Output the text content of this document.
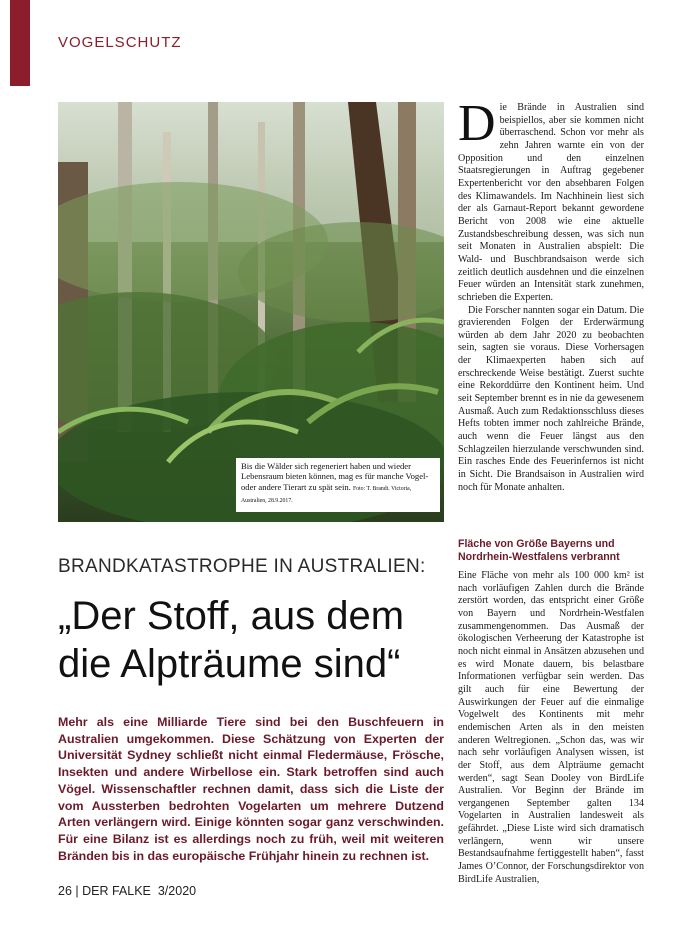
VOGELSCHUTZ
Bis die Wälder sich regeneriert haben und wieder Lebensraum bieten können, mag es für manche Vogel- oder andere Tierart zu spät sein. Foto: T. Brandt. Victoria, Australien, 28.9.2017.
BRANDKATASTROPHE IN AUSTRALIEN:
„Der Stoff, aus dem die Alpträume sind“
Mehr als eine Milliarde Tiere sind bei den Buschfeuern in Australien umgekommen. Diese Schätzung von Experten der Universität Sydney schließt nicht einmal Fledermäuse, Frösche, Insekten und andere Wirbellose ein. Stark betroffen sind auch Vögel. Wissenschaftler rechnen damit, dass sich die Liste der vom Aussterben bedrohten Vogelarten um mehrere Dutzend Arten verlängern wird. Einige könnten sogar ganz verschwinden. Für eine Bilanz ist es allerdings noch zu früh, weil mit weiteren Bränden bis in das europäische Frühjahr hinein zu rechnen ist.

Die Brände in Australien sind beispiellos, aber sie kommen nicht überraschend. Schon vor mehr als zehn Jahren warnte ein von der Opposition und den einzelnen Staatsregierungen in Auftrag gegebener Expertenbericht vor den absehbaren Folgen des Klimawandels. Im Nachhinein liest sich der als Garnaut-Report bekannt gewordene Bericht von 2008 wie eine aktuelle Zustandsbeschreibung dessen, was sich nun seit Monaten in Australien abspielt: Die Wald- und Buschbrandsaison werde sich zeitlich deutlich ausdehnen und die einzelnen Feuer würden an Intensität stark zunehmen, schrieben die Experten.

Die Forscher nannten sogar ein Datum. Die gravierenden Folgen der Erderwärmung würden ab dem Jahr 2020 zu beobachten sein, sagten sie voraus. Diese Vorhersagen der Klimaexperten haben sich auf erschreckende Weise bestätigt. Zuerst suchte eine Rekorddürre den Kontinent heim. Und seit September brennt es in nie da gewesenem Ausmaß. Auch zum Redaktionsschluss dieses Hefts tobten immer noch zahlreiche Brände, auch wenn die Feuer längst aus den Schlagzeilen hierzulande verschwunden sind. Ein rasches Ende des Feuerinfernos ist nicht in Sicht. Die Brandsaison in Australien wird noch für Monate anhalten.

Fläche von Größe Bayerns und Nordrhein-Westfalens verbrannt

Eine Fläche von mehr als 100 000 km² ist nach vorläufigen Zahlen durch die Brände zerstört worden, das entspricht einer Größe von Bayern und Nordrhein-Westfalen zusammengenommen. Das Ausmaß der ökologischen Verheerung der Katastrophe ist noch nicht einmal in Ansätzen abzusehen und es wird Monate dauern, bis belastbare Informationen verfügbar sein werden. Das gilt auch für eine Bewertung der Auswirkungen der Feuer auf die einmalige Vogelwelt des Kontinents mit mehr endemischen Arten als in den meisten anderen Weltregionen. „Schon das, was wir nach sehr vorläufigen Analysen wissen, ist der Stoff, aus dem Alpträume gemacht werden“, sagt Sean Dooley von BirdLife Australien. Vor Beginn der Brände im vergangenen September galten 134 Vogelarten in Australien landesweit als gefährdet. „Diese Liste wird sich dramatisch verlängern, wenn wir unsere Bestandsaufnahme fertiggestellt haben“, fasst James O’Connor, der Forschungsdirektor von BirdLife Australien,

26 | DER FALKE 3/2020
